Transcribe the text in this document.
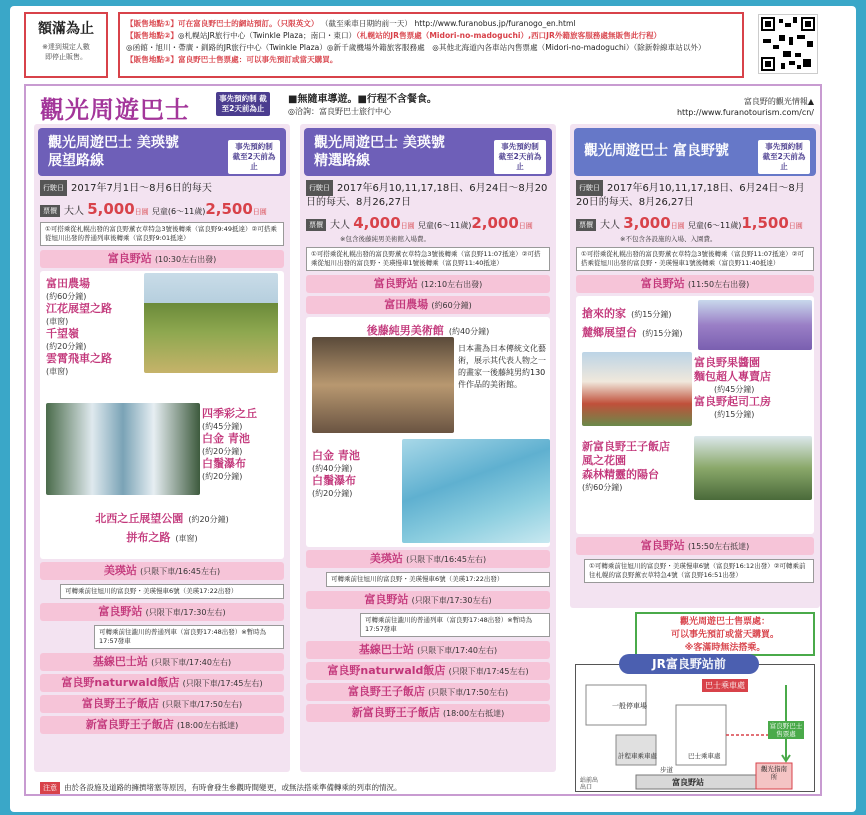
額滿為止
※達到規定人數
即停止販售。
【販售地點①】可在富良野巴士的網站預訂。（只限英文） （截至乘車日期的前一天） http://www.furanobus.jp/furanogo_en.html
【販售地點②】◎札幌站JR旅行中心（Twinkle Plaza；南口・東口）（札幌站的JR售票處（Midori-no-madoguchi）,西口JR外籍旅客服務處無販售此行程）
◎函館・旭川・帶廣・釧路的JR旅行中心（Twinkle Plaza）◎新千歲機場外籍旅客服務處　◎其他北海道內各車站內售票處（Midori-no-madoguchi）（除新幹線車站以外）
【販售地點③】富良野巴士售票處：可以事先預訂或當天購買。
觀光周遊巴士	事先預約制 截至2天前為止
■無隨車導遊。■行程不含餐食。
◎洽詢：富良野巴士旅行中心
富良野的觀光情報▲
http://www.furanotourism.com/cn/
觀光周遊巴士 美瑛號
展望路線
事先預約制 截至2天前為止
行駛日 2017年7月1日～8月6日的每天
票價 大人 5,000日圓 兒童(6～11歲)2,500日圓
①可搭乘從札幌出發的富良野薰衣草特急3號後轉乘（富良野9:49抵達）②可搭乘從旭川出發的普通列車後轉乘（富良野9:01抵達）
富良野站 (10:30左右出發)
富田農場
(約60分鐘)
江花展望之路
(車窗)
千望嶺
(約20分鐘)
雲霄飛車之路
(車窗)
四季彩之丘
(約45分鐘)
白金 青池
(約20分鐘)
白鬚瀑布
(約20分鐘)
北西之丘展望公園 (約20分鐘)
拼布之路 (車窗)
美瑛站 (只限下車/16:45左右)
可轉乘前往旭川的富良野・美瑛慢車6號（美瑛17:22出發）
富良野站 (只限下車/17:30左右)
可轉乘前往瀧川的普通列車（富良野17:48出發）※暫時為17:57發車
基線巴士站 (只限下車/17:40左右)
富良野naturwald飯店 (只限下車/17:45左右)
富良野王子飯店 (只限下車/17:50左右)
新富良野王子飯店 (18:00左右抵達)
觀光周遊巴士 美瑛號
精選路線
事先預約制 截至2天前為止
行駛日 2017年6月10,11,17,18日、6月24日～8月20日的每天、8月26,27日
票價 大人 4,000日圓 兒童(6～11歲)2,000日圓
※包含後藤純男美術館入場費。
①可搭乘從札幌出發的富良野薰衣草特急3號後轉乘（富良野11:07抵達）②可搭乘從旭川出發的富良野・美瑛慢車1號後轉乘（富良野11:40抵達）
富良野站 (12:10左右出發)
富田農場 (約60分鐘)
後藤純男美術館 (約40分鐘)
日本畫為日本傳統文化藝術，展示其代表人物之一的畫家一後藤純男約130件作品的美術館。
白金 青池
(約40分鐘)
白鬚瀑布
(約20分鐘)
美瑛站 (只限下車/16:45左右)
可轉乘前往旭川的富良野・美瑛慢車6號（美瑛17:22出發）
富良野站 (只限下車/17:30左右)
可轉乘前往瀧川的普通列車（富良野17:48出發）※暫時為17:57發車
基線巴士站 (只限下車/17:40左右)
富良野naturwald飯店 (只限下車/17:45左右)
富良野王子飯店 (只限下車/17:50左右)
新富良野王子飯店 (18:00左右抵達)
觀光周遊巴士 富良野號	事先預約制 截至2天前為止
行駛日 2017年6月10,11,17,18日、6月24日～8月20日的每天、8月26,27日
票價 大人 3,000日圓 兒童(6～11歲)1,500日圓
※不包含各設施的入場、入園費。
①可搭乘從札幌出發的富良野薰衣草特急3號後轉乘（富良野11:07抵達）②可搭乘從旭川出發的富良野・美瑛慢車1號後轉乘（富良野11:40抵達）
富良野站 (11:50左右出發)
搶來的家 (約15分鐘)
麓鄉展望台 (約15分鐘)
富良野果醬園
麵包超人專賣店
(約45分鐘)
富良野起司工房
(約15分鐘)
新富良野王子飯店
風之花園
森林精靈的陽台
(約60分鐘)
富良野站 (15:50左右抵達)
①可轉乘前往旭川的富良野・美瑛慢車6號（富良野16:12出發）②可轉乘前往札幌的富良野薰衣草特急4號（富良野16:51出發）
注意 由於各設施及道路的擁擠堵塞等原因，有時會發生參觀時間變更，或無法搭乘準備轉乘的列車的情況。
觀光周遊巴士售票處：
可以事先預訂或當天購買。
※客滿時無法搭乘。
巴士乘車處
一般停車場
計程車乘車處	巴士乘車處
步道
富良野站
站前出出口
觀光指南所
富良野巴士售票處
JR富良野站前
